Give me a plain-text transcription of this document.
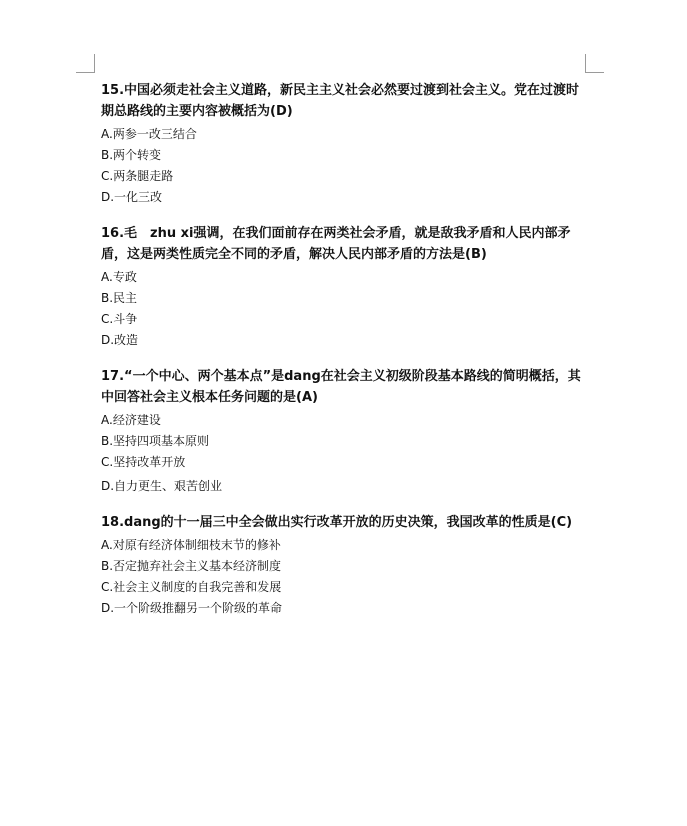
15.中国必须走社会主义道路，新民主主义社会必然要过渡到社会主义。党在过渡时期总路线的主要内容被概括为(D)

A.两参一改三结合
B.两个转变
C.两条腿走路
D.一化三改

16.毛　zhu xi强调，在我们面前存在两类社会矛盾，就是敌我矛盾和人民内部矛盾，这是两类性质完全不同的矛盾，解决人民内部矛盾的方法是(B)

A.专政
B.民主
C.斗争
D.改造

17.“一个中心、两个基本点”是dang在社会主义初级阶段基本路线的简明概括，其中回答社会主义根本任务问题的是(A)

A.经济建设
B.坚持四项基本原则
C.坚持改革开放
D.自力更生、艰苦创业

18.dang的十一届三中全会做出实行改革开放的历史决策，我国改革的性质是(C)

A.对原有经济体制细枝末节的修补
B.否定抛弃社会主义基本经济制度
C.社会主义制度的自我完善和发展
D.一个阶级推翻另一个阶级的革命
